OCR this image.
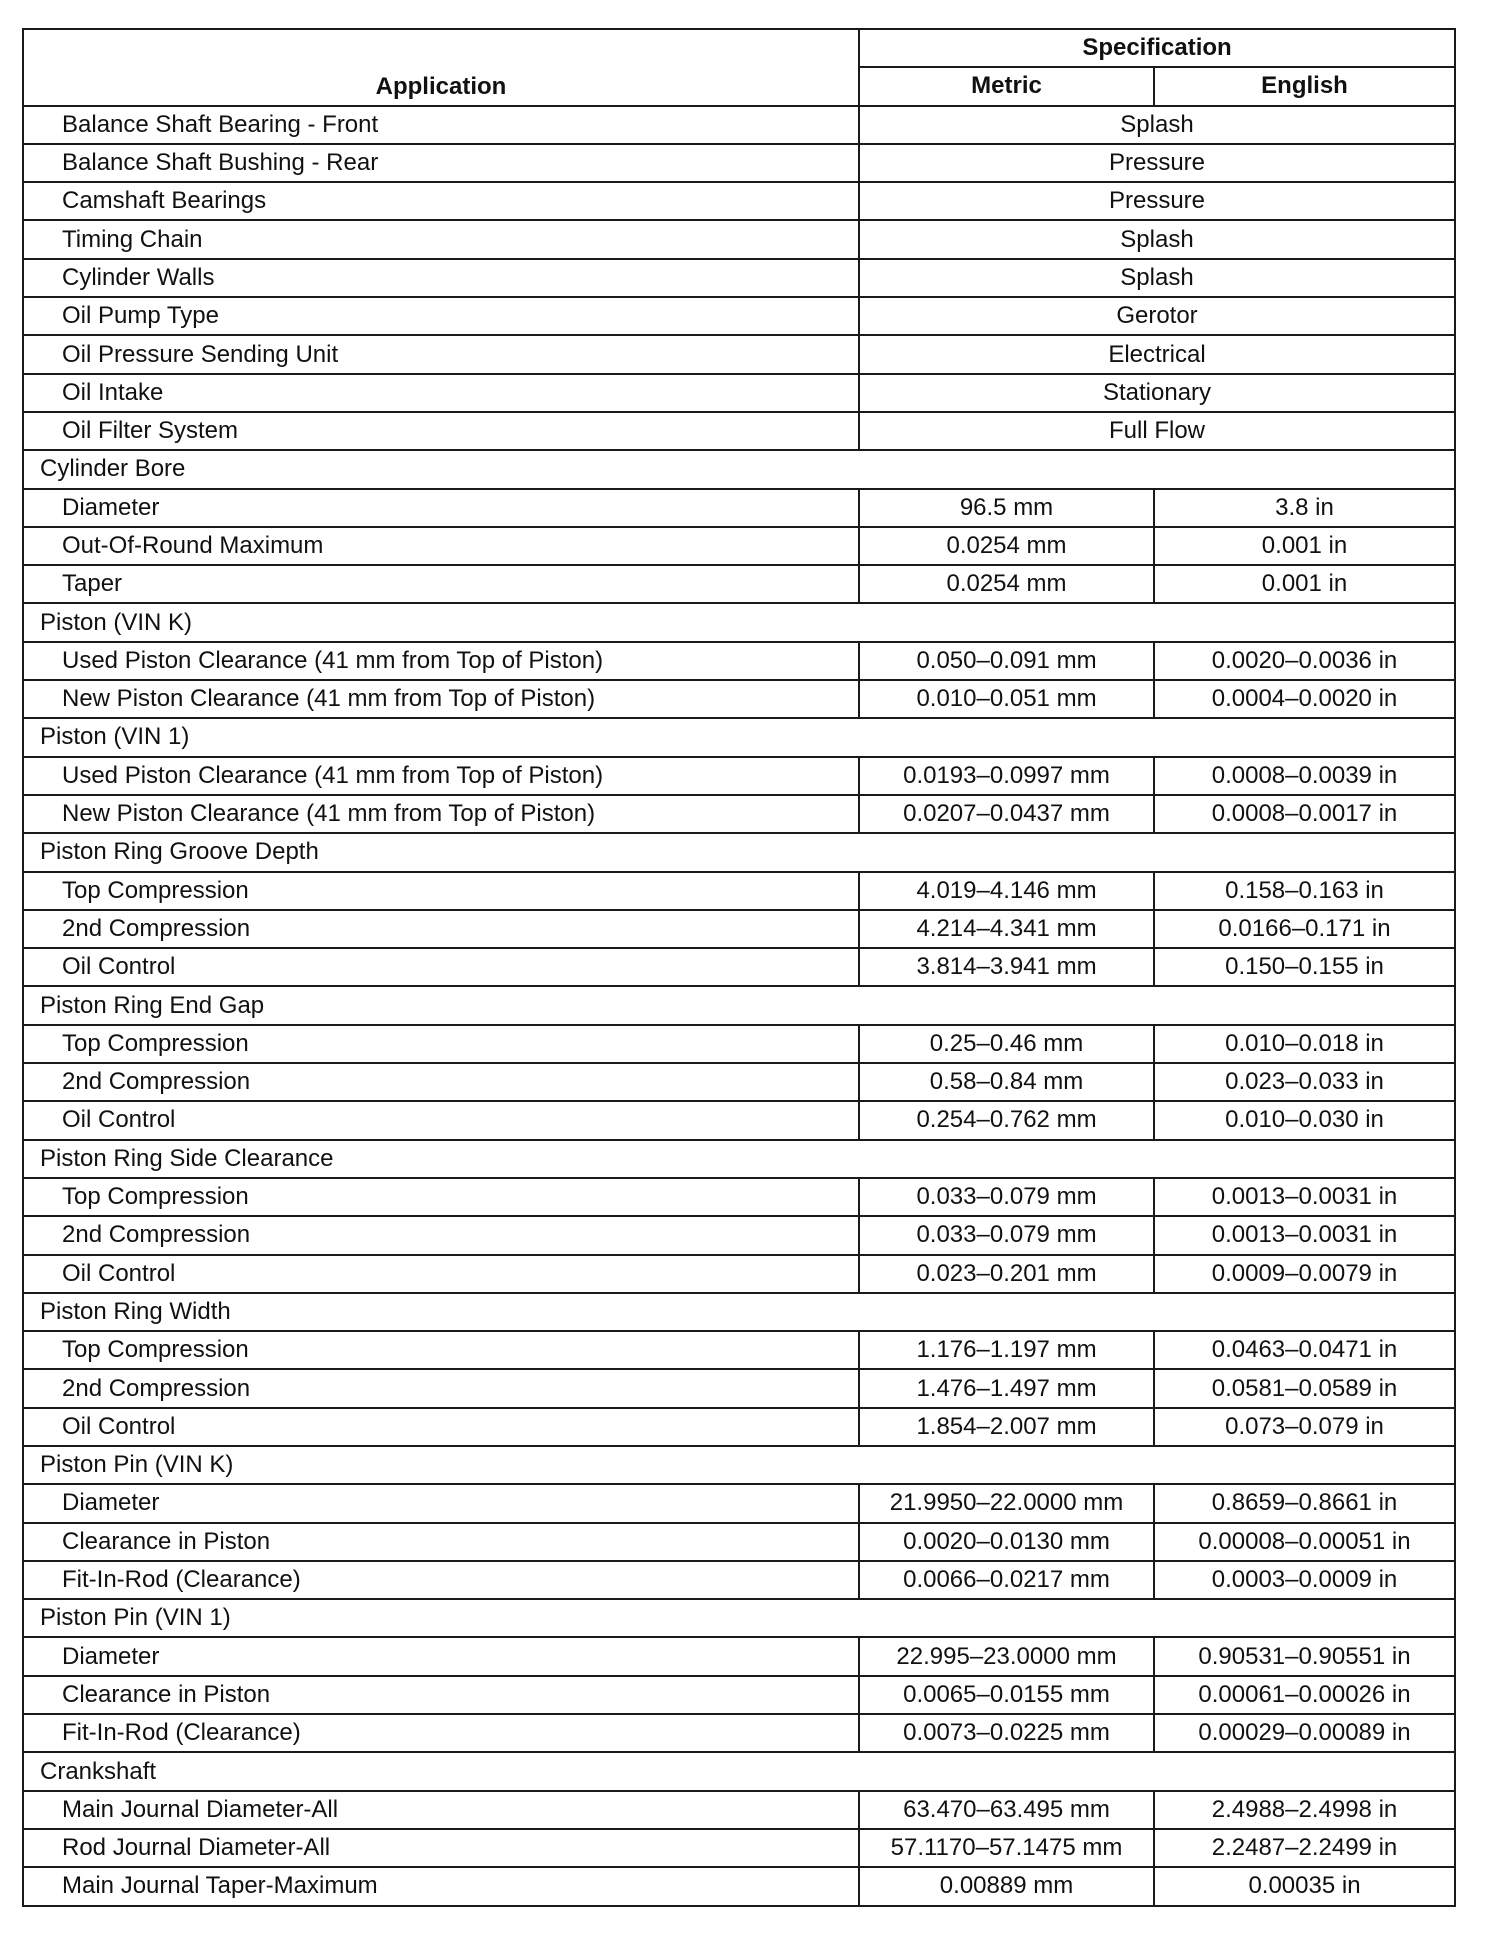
Application	Specification	
	Metric	English
Balance Shaft Bearing - Front	Splash	
Balance Shaft Bushing - Rear	Pressure	
Camshaft Bearings	Pressure	
Timing Chain	Splash	
Cylinder Walls	Splash	
Oil Pump Type	Gerotor	
Oil Pressure Sending Unit	Electrical	
Oil Intake	Stationary	
Oil Filter System	Full Flow	
Cylinder Bore		
Diameter	96.5 mm	3.8 in
Out-Of-Round Maximum	0.0254 mm	0.001 in
Taper	0.0254 mm	0.001 in
Piston (VIN K)		
Used Piston Clearance (41 mm from Top of Piston)	0.050–0.091 mm	0.0020–0.0036 in
New Piston Clearance (41 mm from Top of Piston)	0.010–0.051 mm	0.0004–0.0020 in
Piston (VIN 1)		
Used Piston Clearance (41 mm from Top of Piston)	0.0193–0.0997 mm	0.0008–0.0039 in
New Piston Clearance (41 mm from Top of Piston)	0.0207–0.0437 mm	0.0008–0.0017 in
Piston Ring Groove Depth		
Top Compression	4.019–4.146 mm	0.158–0.163 in
2nd Compression	4.214–4.341 mm	0.0166–0.171 in
Oil Control	3.814–3.941 mm	0.150–0.155 in
Piston Ring End Gap		
Top Compression	0.25–0.46 mm	0.010–0.018 in
2nd Compression	0.58–0.84 mm	0.023–0.033 in
Oil Control	0.254–0.762 mm	0.010–0.030 in
Piston Ring Side Clearance		
Top Compression	0.033–0.079 mm	0.0013–0.0031 in
2nd Compression	0.033–0.079 mm	0.0013–0.0031 in
Oil Control	0.023–0.201 mm	0.0009–0.0079 in
Piston Ring Width		
Top Compression	1.176–1.197 mm	0.0463–0.0471 in
2nd Compression	1.476–1.497 mm	0.0581–0.0589 in
Oil Control	1.854–2.007 mm	0.073–0.079 in
Piston Pin (VIN K)		
Diameter	21.9950–22.0000 mm	0.8659–0.8661 in
Clearance in Piston	0.0020–0.0130 mm	0.00008–0.00051 in
Fit-In-Rod (Clearance)	0.0066–0.0217 mm	0.0003–0.0009 in
Piston Pin (VIN 1)		
Diameter	22.995–23.0000 mm	0.90531–0.90551 in
Clearance in Piston	0.0065–0.0155 mm	0.00061–0.00026 in
Fit-In-Rod (Clearance)	0.0073–0.0225 mm	0.00029–0.00089 in
Crankshaft		
Main Journal Diameter-All	63.470–63.495 mm	2.4988–2.4998 in
Rod Journal Diameter-All	57.1170–57.1475 mm	2.2487–2.2499 in
Main Journal Taper-Maximum	0.00889 mm	0.00035 in
